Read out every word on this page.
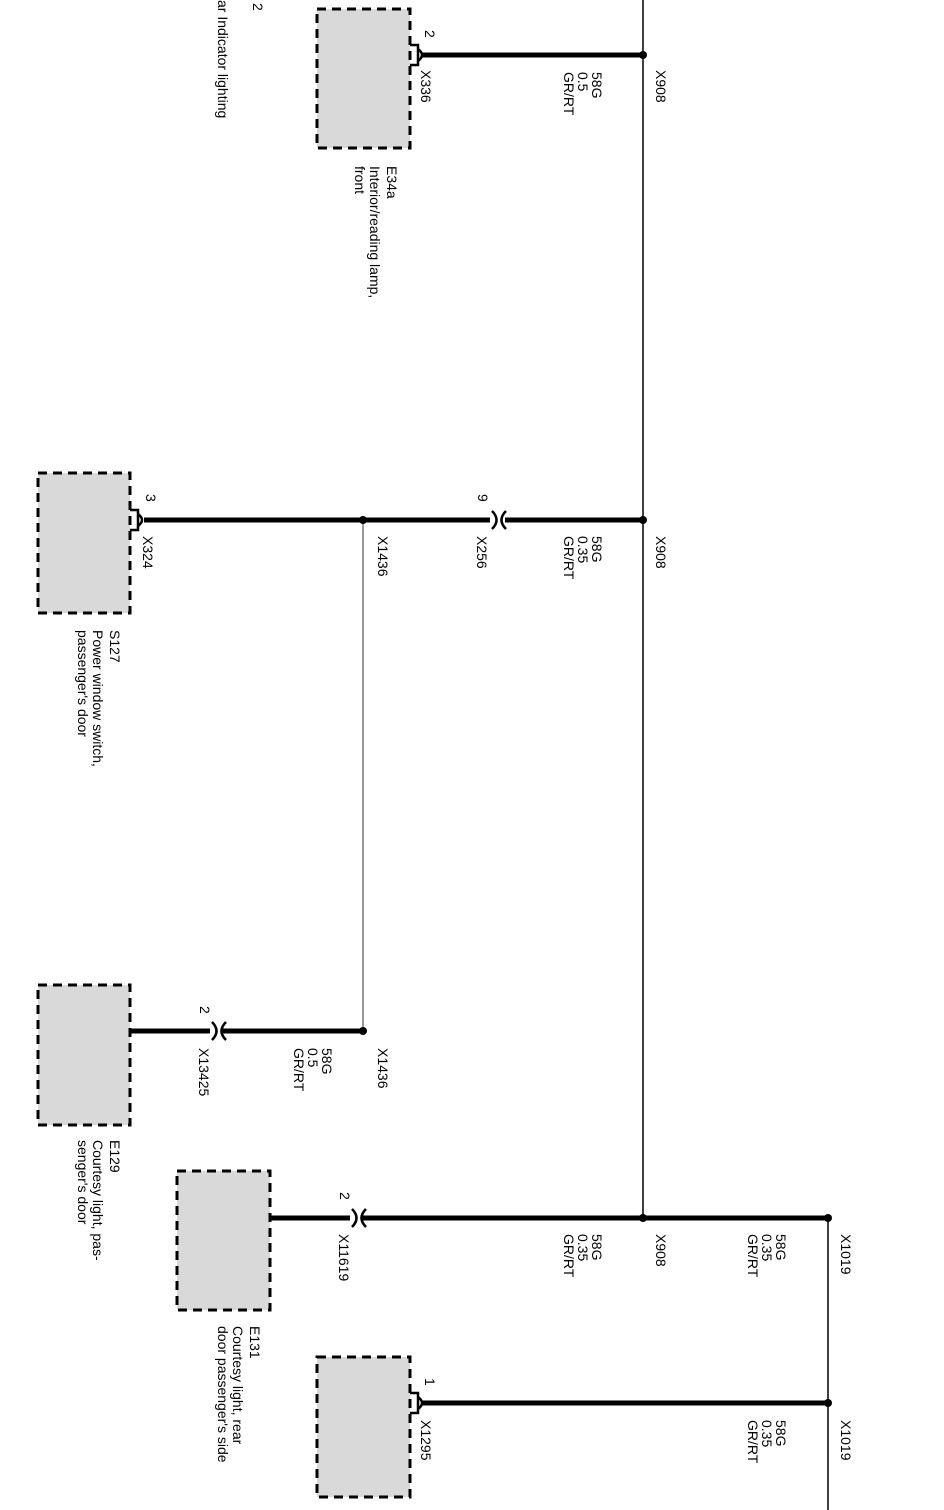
2
ar Indicator lighting	2
X336	58G
0.5
GR/RT	X908
E34a
Interior/reading lamp,
front
3
X324	X1436
9
X256	58G
0.35
GR/RT	X908
S127
Power window switch,
passenger's door
2
X13425	58G
0.5
GR/RT	X1436
E129
Courtesy light, pas-
senger's door	2
X11619	58G
0.35
GR/RT	X908	58G
0.35
GR/RT	X1019
E131
Courtesy light, rear
door passenger's side	1
X1295	58G
0.35
GR/RT	X1019
